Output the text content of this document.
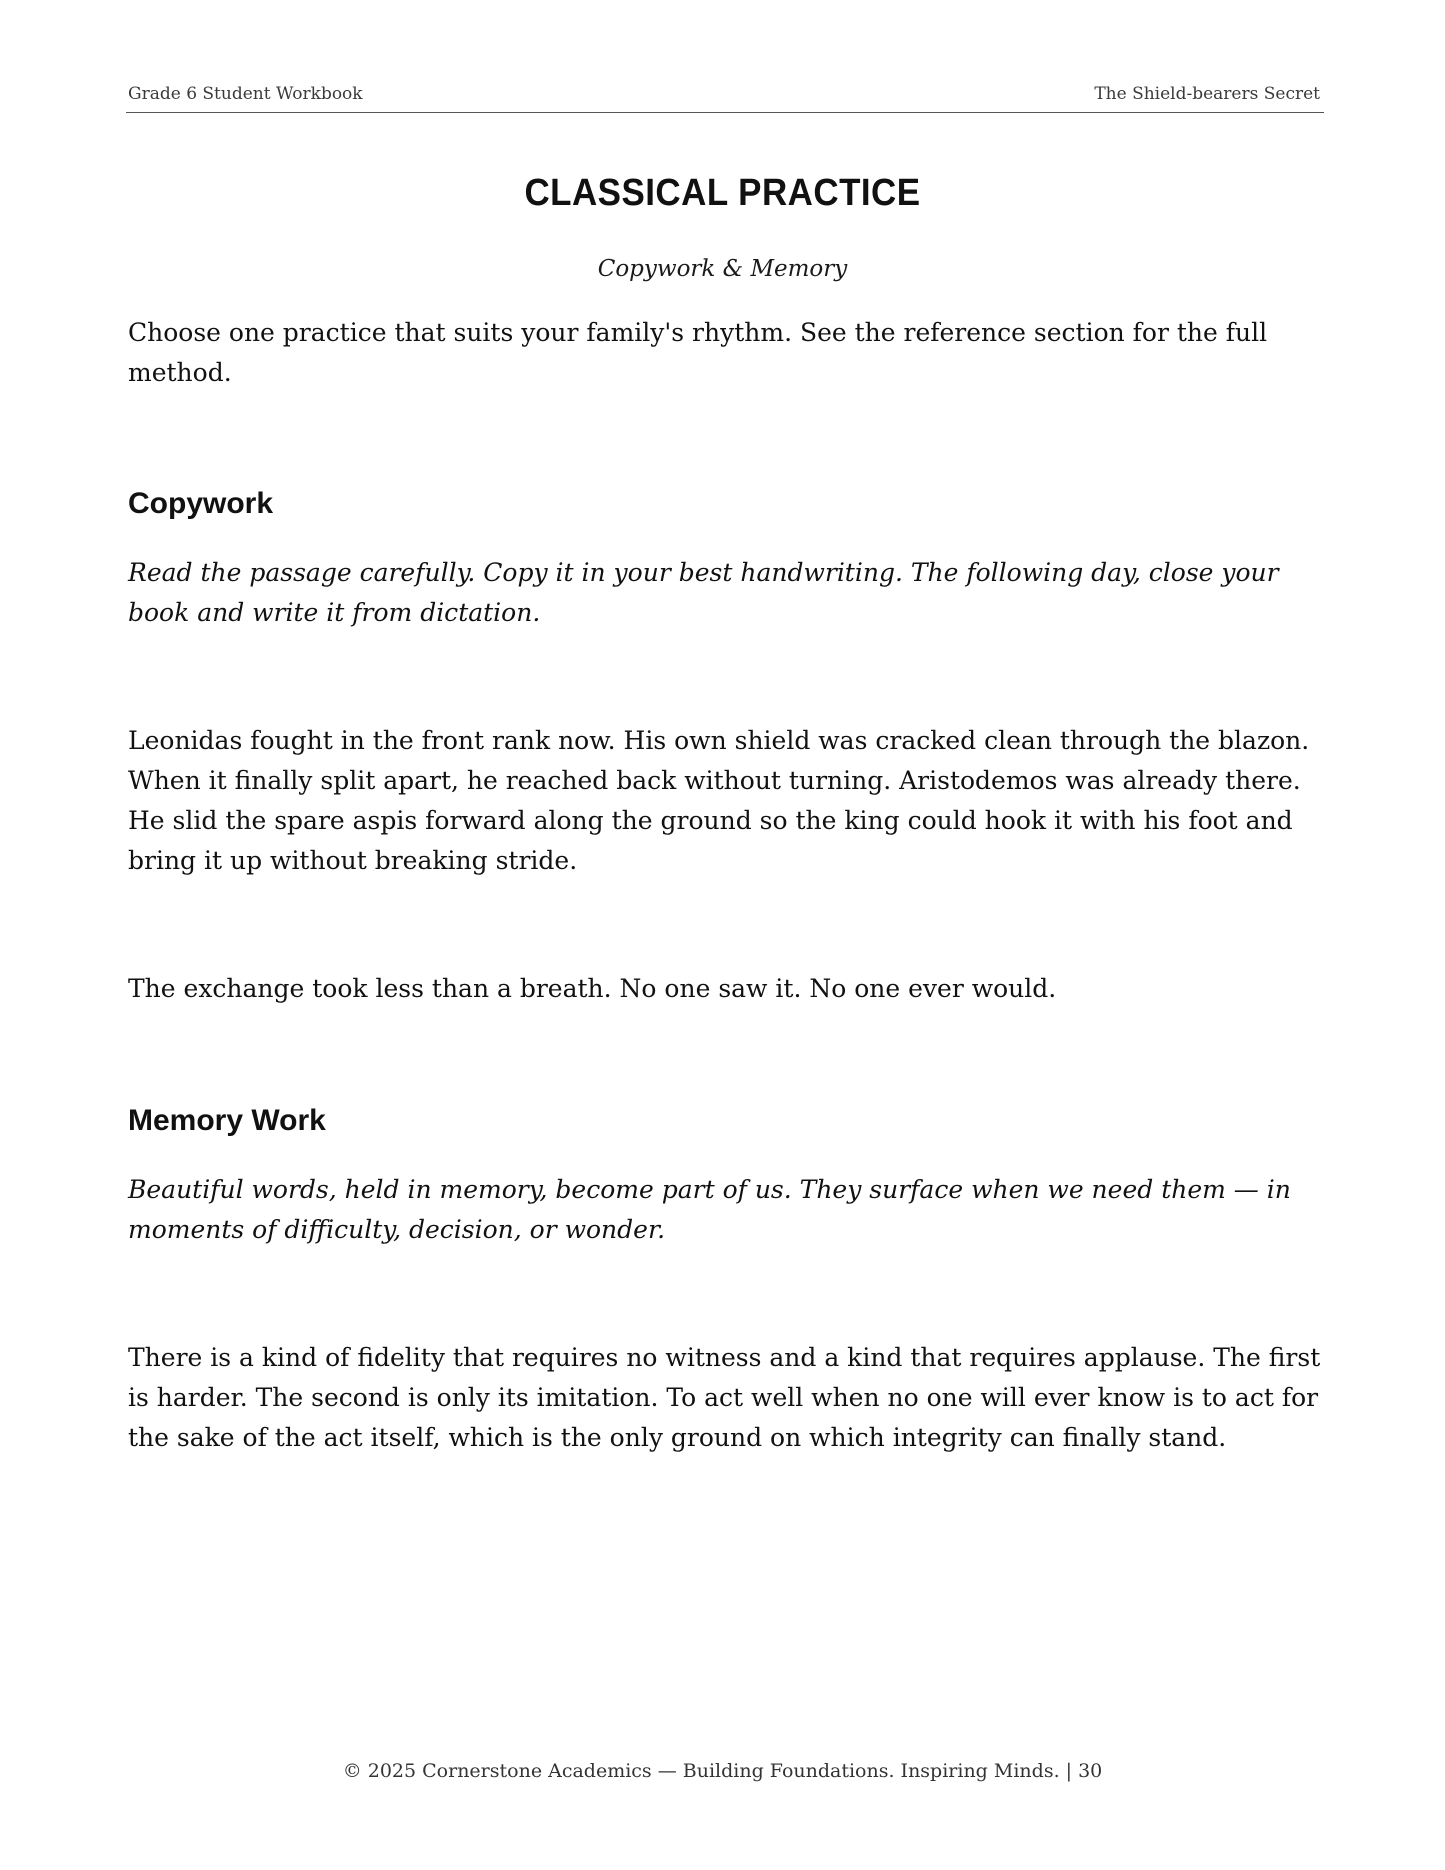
Grade 6 Student Workbook	The Shield-bearers Secret
CLASSICAL PRACTICE
Copywork & Memory
Choose one practice that suits your family's rhythm. See the reference section for the full method.
Copywork
Read the passage carefully. Copy it in your best handwriting. The following day, close your book and write it from dictation.
Leonidas fought in the front rank now. His own shield was cracked clean through the blazon. When it finally split apart, he reached back without turning. Aristodemos was already there. He slid the spare aspis forward along the ground so the king could hook it with his foot and bring it up without breaking stride.
The exchange took less than a breath. No one saw it. No one ever would.
Memory Work
Beautiful words, held in memory, become part of us. They surface when we need them — in moments of difficulty, decision, or wonder.
There is a kind of fidelity that requires no witness and a kind that requires applause. The first is harder. The second is only its imitation. To act well when no one will ever know is to act for the sake of the act itself, which is the only ground on which integrity can finally stand.
© 2025 Cornerstone Academics — Building Foundations. Inspiring Minds. | 30
